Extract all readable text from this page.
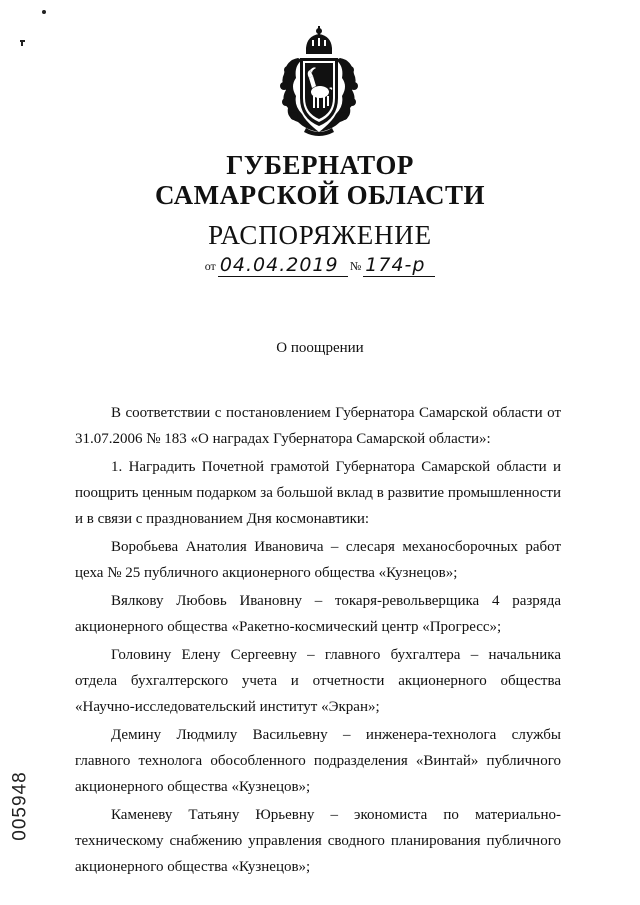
ГУБЕРНАТОР
САМАРСКОЙ ОБЛАСТИ
РАСПОРЯЖЕНИЕ
от 04.04.2019 № 174-р
О поощрении

В соответствии с постановлением Губернатора Самарской области от 31.07.2006 № 183 «О наградах Губернатора Самарской области»:

1. Наградить Почетной грамотой Губернатора Самарской области и поощрить ценным подарком за большой вклад в развитие промышленности и в связи с празднованием Дня космонавтики:

Воробьева Анатолия Ивановича – слесаря механосборочных работ цеха № 25 публичного акционерного общества «Кузнецов»;

Вялкову Любовь Ивановну – токаря-револьверщика 4 разряда акционерного общества «Ракетно-космический центр «Прогресс»;

Головину Елену Сергеевну – главного бухгалтера – начальника отдела бухгалтерского учета и отчетности акционерного общества «Научно-исследовательский институт «Экран»;

Демину Людмилу Васильевну – инженера-технолога службы главного технолога обособленного подразделения «Винтай» публичного акционерного общества «Кузнецов»;

Каменеву Татьяну Юрьевну – экономиста по материально-техническому снабжению управления сводного планирования публичного акционерного общества «Кузнецов»;

005948
